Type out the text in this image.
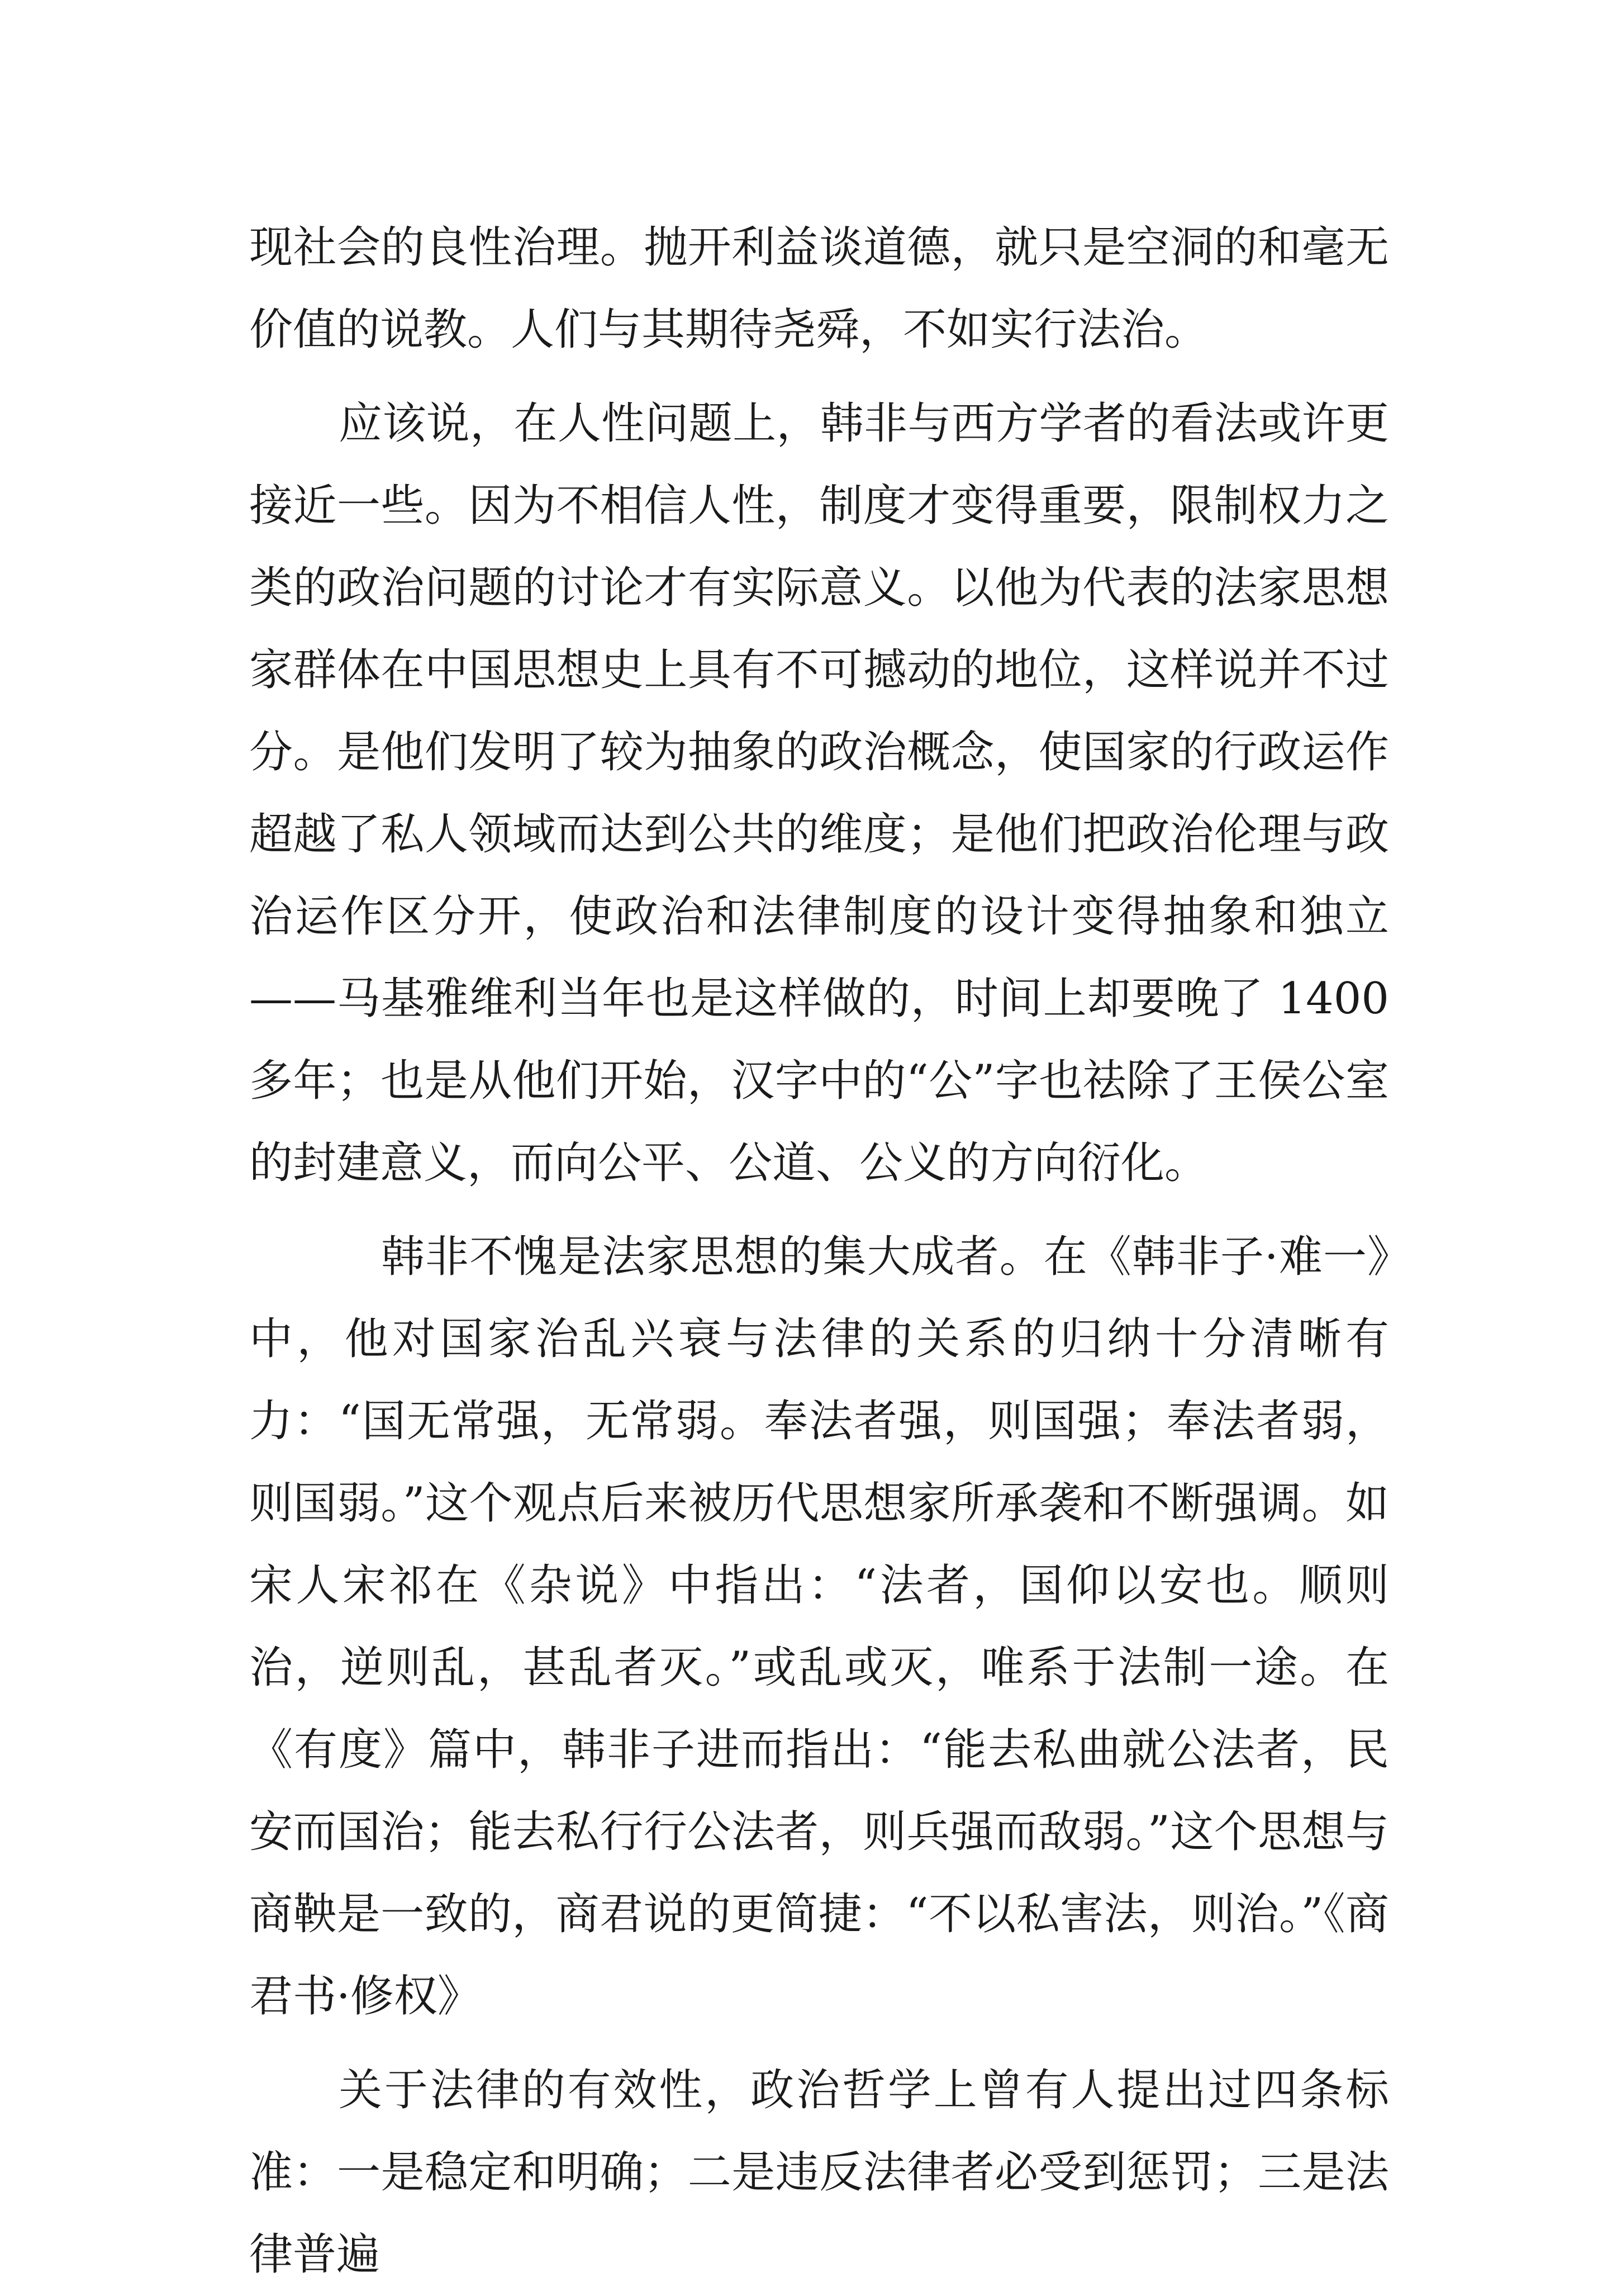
现社会的良性治理。抛开利益谈道德，就只是空洞的和毫无价值的说教。人们与其期待尧舜，不如实行法治。

应该说，在人性问题上，韩非与西方学者的看法或许更接近一些。因为不相信人性，制度才变得重要，限制权力之类的政治问题的讨论才有实际意义。以他为代表的法家思想家群体在中国思想史上具有不可撼动的地位，这样说并不过分。是他们发明了较为抽象的政治概念，使国家的行政运作超越了私人领域而达到公共的维度；是他们把政治伦理与政治运作区分开，使政治和法律制度的设计变得抽象和独立——马基雅维利当年也是这样做的，时间上却要晚了 1400 多年；也是从他们开始，汉字中的“公”字也祛除了王侯公室的封建意义，而向公平、公道、公义的方向衍化。

韩非不愧是法家思想的集大成者。在《韩非子·难一》中，他对国家治乱兴衰与法律的关系的归纳十分清晰有力：“国无常强，无常弱。奉法者强，则国强；奉法者弱，则国弱。”这个观点后来被历代思想家所承袭和不断强调。如宋人宋祁在《杂说》中指出：“法者，国仰以安也。顺则治，逆则乱，甚乱者灭。”或乱或灭，唯系于法制一途。在《有度》篇中，韩非子进而指出：“能去私曲就公法者，民安而国治；能去私行行公法者，则兵强而敌弱。”这个思想与商鞅是一致的，商君说的更简捷：“不以私害法，则治。”《商君书·修权》

关于法律的有效性，政治哲学上曾有人提出过四条标准：一是稳定和明确；二是违反法律者必受到惩罚；三是法律普遍
